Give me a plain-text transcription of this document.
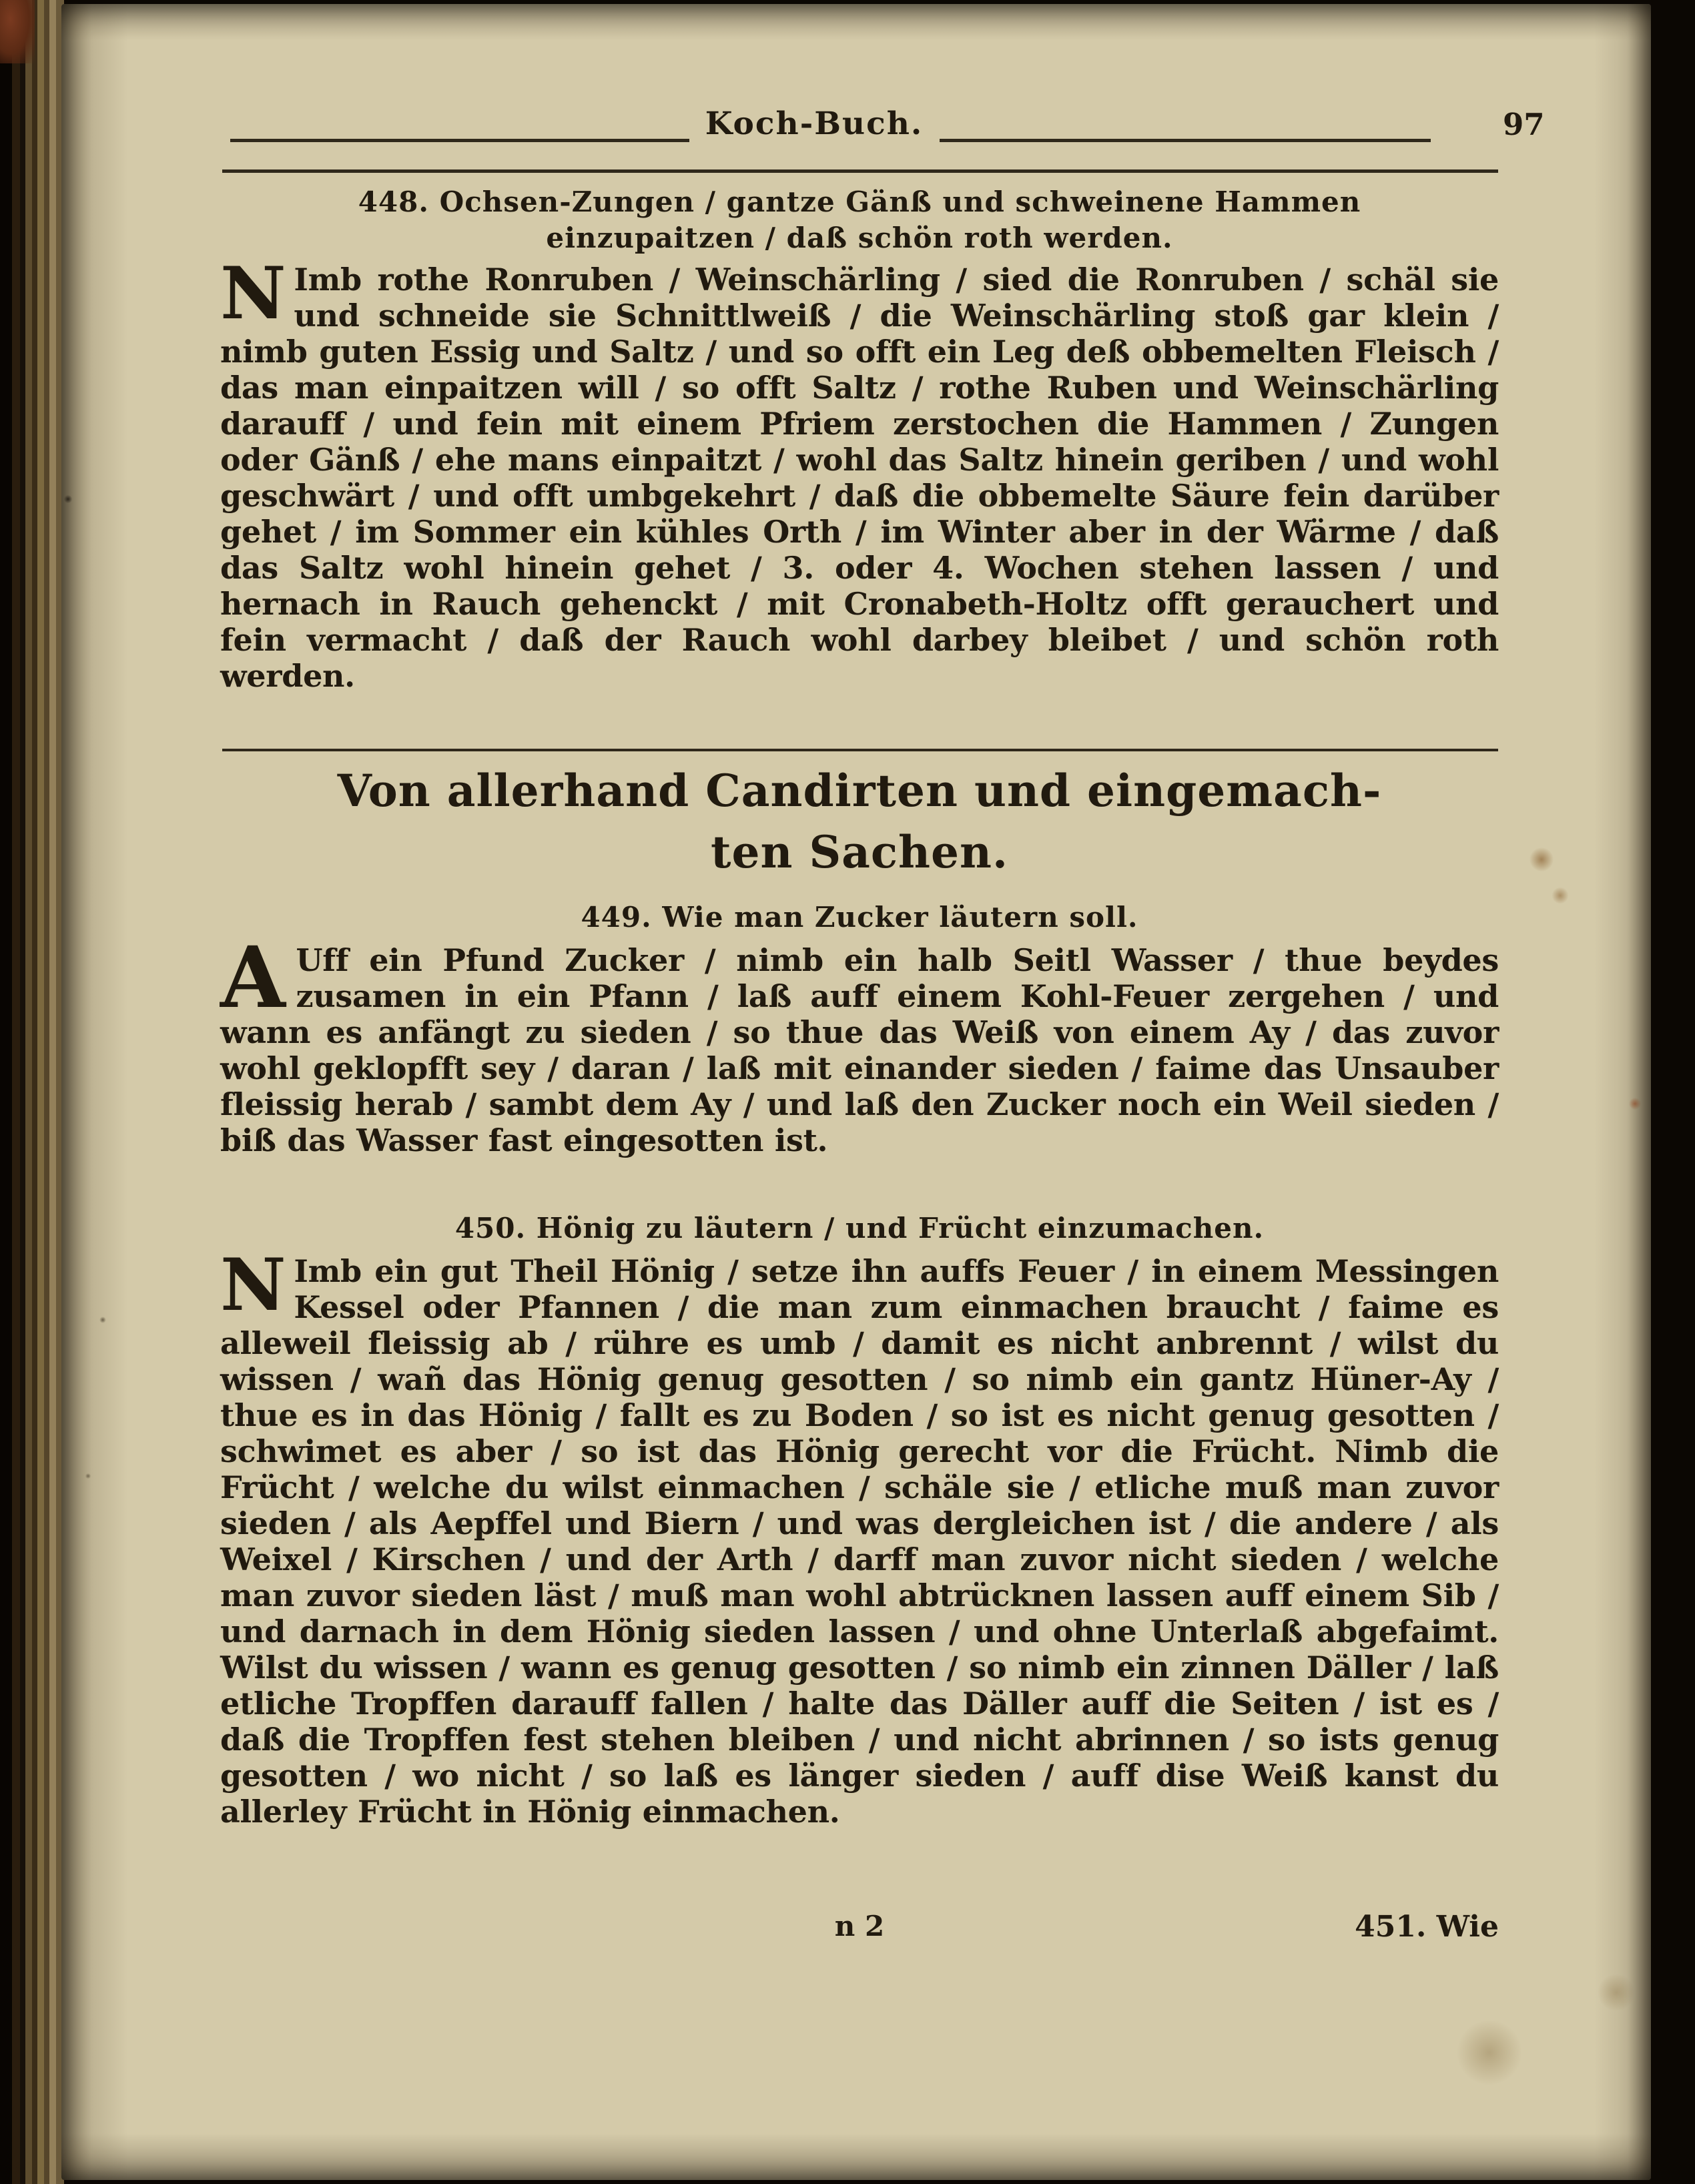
Koch-Buch.	97
448. Ochsen-Zungen / gantze Gänß und schweinene Hammen
einzupaitzen / daß schön roth werden.

N Imb rothe Ronruben / Weinschärling / sied die Ronruben / schäl sie und schneide sie Schnittlweiß / die Weinschärling stoß gar klein / nimb guten Essig und Saltz / und so offt ein Leg deß obbemelten Fleisch / das man einpaitzen will / so offt Saltz / rothe Ruben und Weinschärling darauff / und fein mit einem Pfriem zerstochen die Hammen / Zungen oder Gänß / ehe mans einpaitzt / wohl das Saltz hinein geriben / und wohl geschwärt / und offt umbgekehrt / daß die obbemelte Säure fein darüber gehet / im Sommer ein kühles Orth / im Winter aber in der Wärme / daß das Saltz wohl hinein gehet / 3. oder 4. Wochen stehen lassen / und hernach in Rauch gehenckt / mit Cronabeth-Holtz offt gerauchert und fein vermacht / daß der Rauch wohl darbey bleibet / und schön roth werden.

Von allerhand Candirten und eingemach-
ten Sachen.
449. Wie man Zucker läutern soll.

A Uff ein Pfund Zucker / nimb ein halb Seitl Wasser / thue beydes zusamen in ein Pfann / laß auff einem Kohl-Feuer zergehen / und wann es anfängt zu sieden / so thue das Weiß von einem Ay / das zuvor wohl geklopfft sey / daran / laß mit einander sieden / faime das Unsauber fleissig herab / sambt dem Ay / und laß den Zucker noch ein Weil sieden / biß das Wasser fast eingesotten ist.

450. Hönig zu läutern / und Frücht einzumachen.

N Imb ein gut Theil Hönig / setze ihn auffs Feuer / in einem Messingen Kessel oder Pfannen / die man zum einmachen braucht / faime es alleweil fleissig ab / rühre es umb / damit es nicht anbrennt / wilst du wissen / wañ das Hönig genug gesotten / so nimb ein gantz Hüner-Ay / thue es in das Hönig / fallt es zu Boden / so ist es nicht genug gesotten / schwimet es aber / so ist das Hönig gerecht vor die Frücht. Nimb die Frücht / welche du wilst einmachen / schäle sie / etliche muß man zuvor sieden / als Aepffel und Biern / und was dergleichen ist / die andere / als Weixel / Kirschen / und der Arth / darff man zuvor nicht sieden / welche man zuvor sieden läst / muß man wohl abtrücknen lassen auff einem Sib / und darnach in dem Hönig sieden lassen / und ohne Unterlaß abgefaimt. Wilst du wissen / wann es genug gesotten / so nimb ein zinnen Däller / laß etliche Tropffen darauff fallen / halte das Däller auff die Seiten / ist es / daß die Tropffen fest stehen bleiben / und nicht abrinnen / so ists genug gesotten / wo nicht / so laß es länger sieden / auff dise Weiß kanst du allerley Frücht in Hönig einmachen.

n 2	451. Wie
